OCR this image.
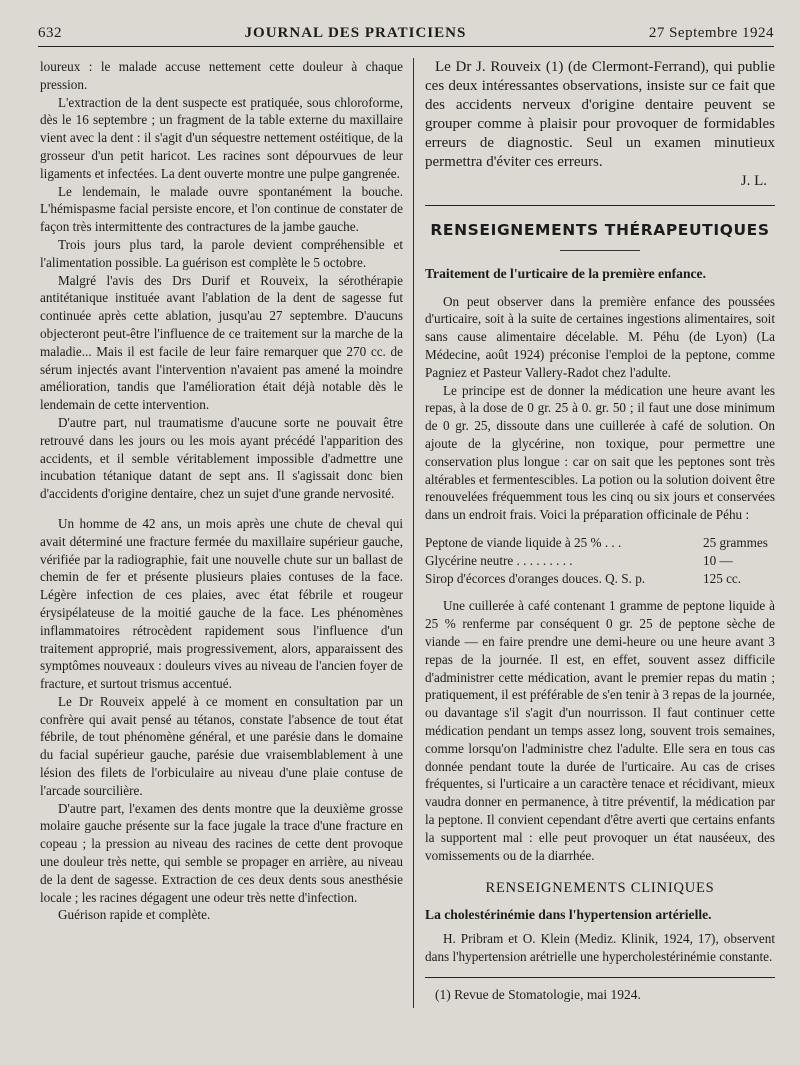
632	JOURNAL DES PRATICIENS	27 Septembre 1924

loureux : le malade accuse nettement cette douleur à chaque pression.

L'extraction de la dent suspecte est pratiquée, sous chloroforme, dès le 16 septembre ; un fragment de la table externe du maxillaire vient avec la dent : il s'agit d'un séquestre nettement ostéitique, de la grosseur d'un petit haricot. Les racines sont dépourvues de leur ligaments et infectées. La dent ouverte montre une pulpe gangrenée.

Le lendemain, le malade ouvre spontanément la bouche. L'hémispasme facial persiste encore, et l'on continue de constater de façon très intermittente des contractures de la jambe gauche.

Trois jours plus tard, la parole devient compréhensible et l'alimentation possible. La guérison est complète le 5 octobre.

Malgré l'avis des Drs Durif et Rouveix, la sérothérapie antitétanique instituée avant l'ablation de la dent de sagesse fut continuée après cette ablation, jusqu'au 27 septembre. D'aucuns objecteront peut-être l'influence de ce traitement sur la marche de la maladie... Mais il est facile de leur faire remarquer que 270 cc. de sérum injectés avant l'intervention n'avaient pas amené la moindre amélioration, tandis que l'amélioration était déjà notable dès le lendemain de cette intervention.

D'autre part, nul traumatisme d'aucune sorte ne pouvait être retrouvé dans les jours ou les mois ayant précédé l'apparition des accidents, et il semble véritablement impossible d'admettre une incubation tétanique datant de sept ans. Il s'agissait donc bien d'accidents d'origine dentaire, chez un sujet d'une grande nervosité.

Un homme de 42 ans, un mois après une chute de cheval qui avait déterminé une fracture fermée du maxillaire supérieur gauche, vérifiée par la radiographie, fait une nouvelle chute sur un ballast de chemin de fer et présente plusieurs plaies contuses de la face. Légère infection de ces plaies, avec état fébrile et rougeur érysipélateuse de la moitié gauche de la face. Les phénomènes inflammatoires rétrocèdent rapidement sous l'influence d'un traitement approprié, mais progressivement, alors, apparaissent des symptômes nouveaux : douleurs vives au niveau de l'ancien foyer de fracture, et surtout trismus accentué.

Le Dr Rouveix appelé à ce moment en consultation par un confrère qui avait pensé au tétanos, constate l'absence de tout état fébrile, de tout phénomène général, et une parésie dans le domaine du facial supérieur gauche, parésie due vraisemblablement à une lésion des filets de l'orbiculaire au niveau d'une plaie contuse de l'arcade sourcilière.

D'autre part, l'examen des dents montre que la deuxième grosse molaire gauche présente sur la face jugale la trace d'une fracture en copeau ; la pression au niveau des racines de cette dent provoque une douleur très nette, qui semble se propager en arrière, au niveau de la dent de sagesse. Extraction de ces deux dents sous anesthésie locale ; les racines dégagent une odeur très nette d'infection.

Guérison rapide et complète.

Le Dr J. Rouveix (1) (de Clermont-Ferrand), qui publie ces deux intéressantes observations, insiste sur ce fait que des accidents nerveux d'origine dentaire peuvent se grouper comme à plaisir pour provoquer de formidables erreurs de diagnostic. Seul un examen minutieux permettra d'éviter ces erreurs.

J. L.
RENSEIGNEMENTS THÉRAPEUTIQUES
Traitement de l'urticaire de la première enfance.

On peut observer dans la première enfance des poussées d'urticaire, soit à la suite de certaines ingestions alimentaires, soit sans cause alimentaire décelable. M. Péhu (de Lyon) (La Médecine, août 1924) préconise l'emploi de la peptone, comme Pagniez et Pasteur Vallery-Radot chez l'adulte.

Le principe est de donner la médication une heure avant les repas, à la dose de 0 gr. 25 à 0. gr. 50 ; il faut une dose minimum de 0 gr. 25, dissoute dans une cuillerée à café de solution. On ajoute de la glycérine, non toxique, pour permettre une conservation plus longue : car on sait que les peptones sont très altérables et fermentescibles. La potion ou la solution doivent être renouvelées fréquemment tous les cinq ou six jours et conservées dans un endroit frais. Voici la préparation officinale de Péhu :

Peptone de viande liquide à 25 % . . .	25 grammes
Glycérine neutre . . . . . . . . .	10 —
Sirop d'écorces d'oranges douces. Q. S. p.	125 cc.

Une cuillerée à café contenant 1 gramme de peptone liquide à 25 % renferme par conséquent 0 gr. 25 de peptone sèche de viande — en faire prendre une demi-heure ou une heure avant 3 repas de la journée. Il est, en effet, souvent assez difficile d'administrer cette médication, avant le premier repas du matin ; pratiquement, il est préférable de s'en tenir à 3 repas de la journée, ou davantage s'il s'agit d'un nourrisson. Il faut continuer cette médication pendant un temps assez long, souvent trois semaines, comme lorsqu'on l'administre chez l'adulte. Elle sera en tous cas donnée pendant toute la durée de l'urticaire. Au cas de crises fréquentes, si l'urticaire a un caractère tenace et récidivant, mieux vaudra donner en permanence, à titre préventif, la médication par la peptone. Il convient cependant d'être averti que certains enfants la supportent mal : elle peut provoquer un état nauséeux, des vomissements ou de la diarrhée.

RENSEIGNEMENTS CLINIQUES
La cholestérinémie dans l'hypertension artérielle.

H. Pribram et O. Klein (Mediz. Klinik, 1924, 17), observent dans l'hypertension arétrielle une hypercholestérinémie constante.

(1) Revue de Stomatologie, mai 1924.
